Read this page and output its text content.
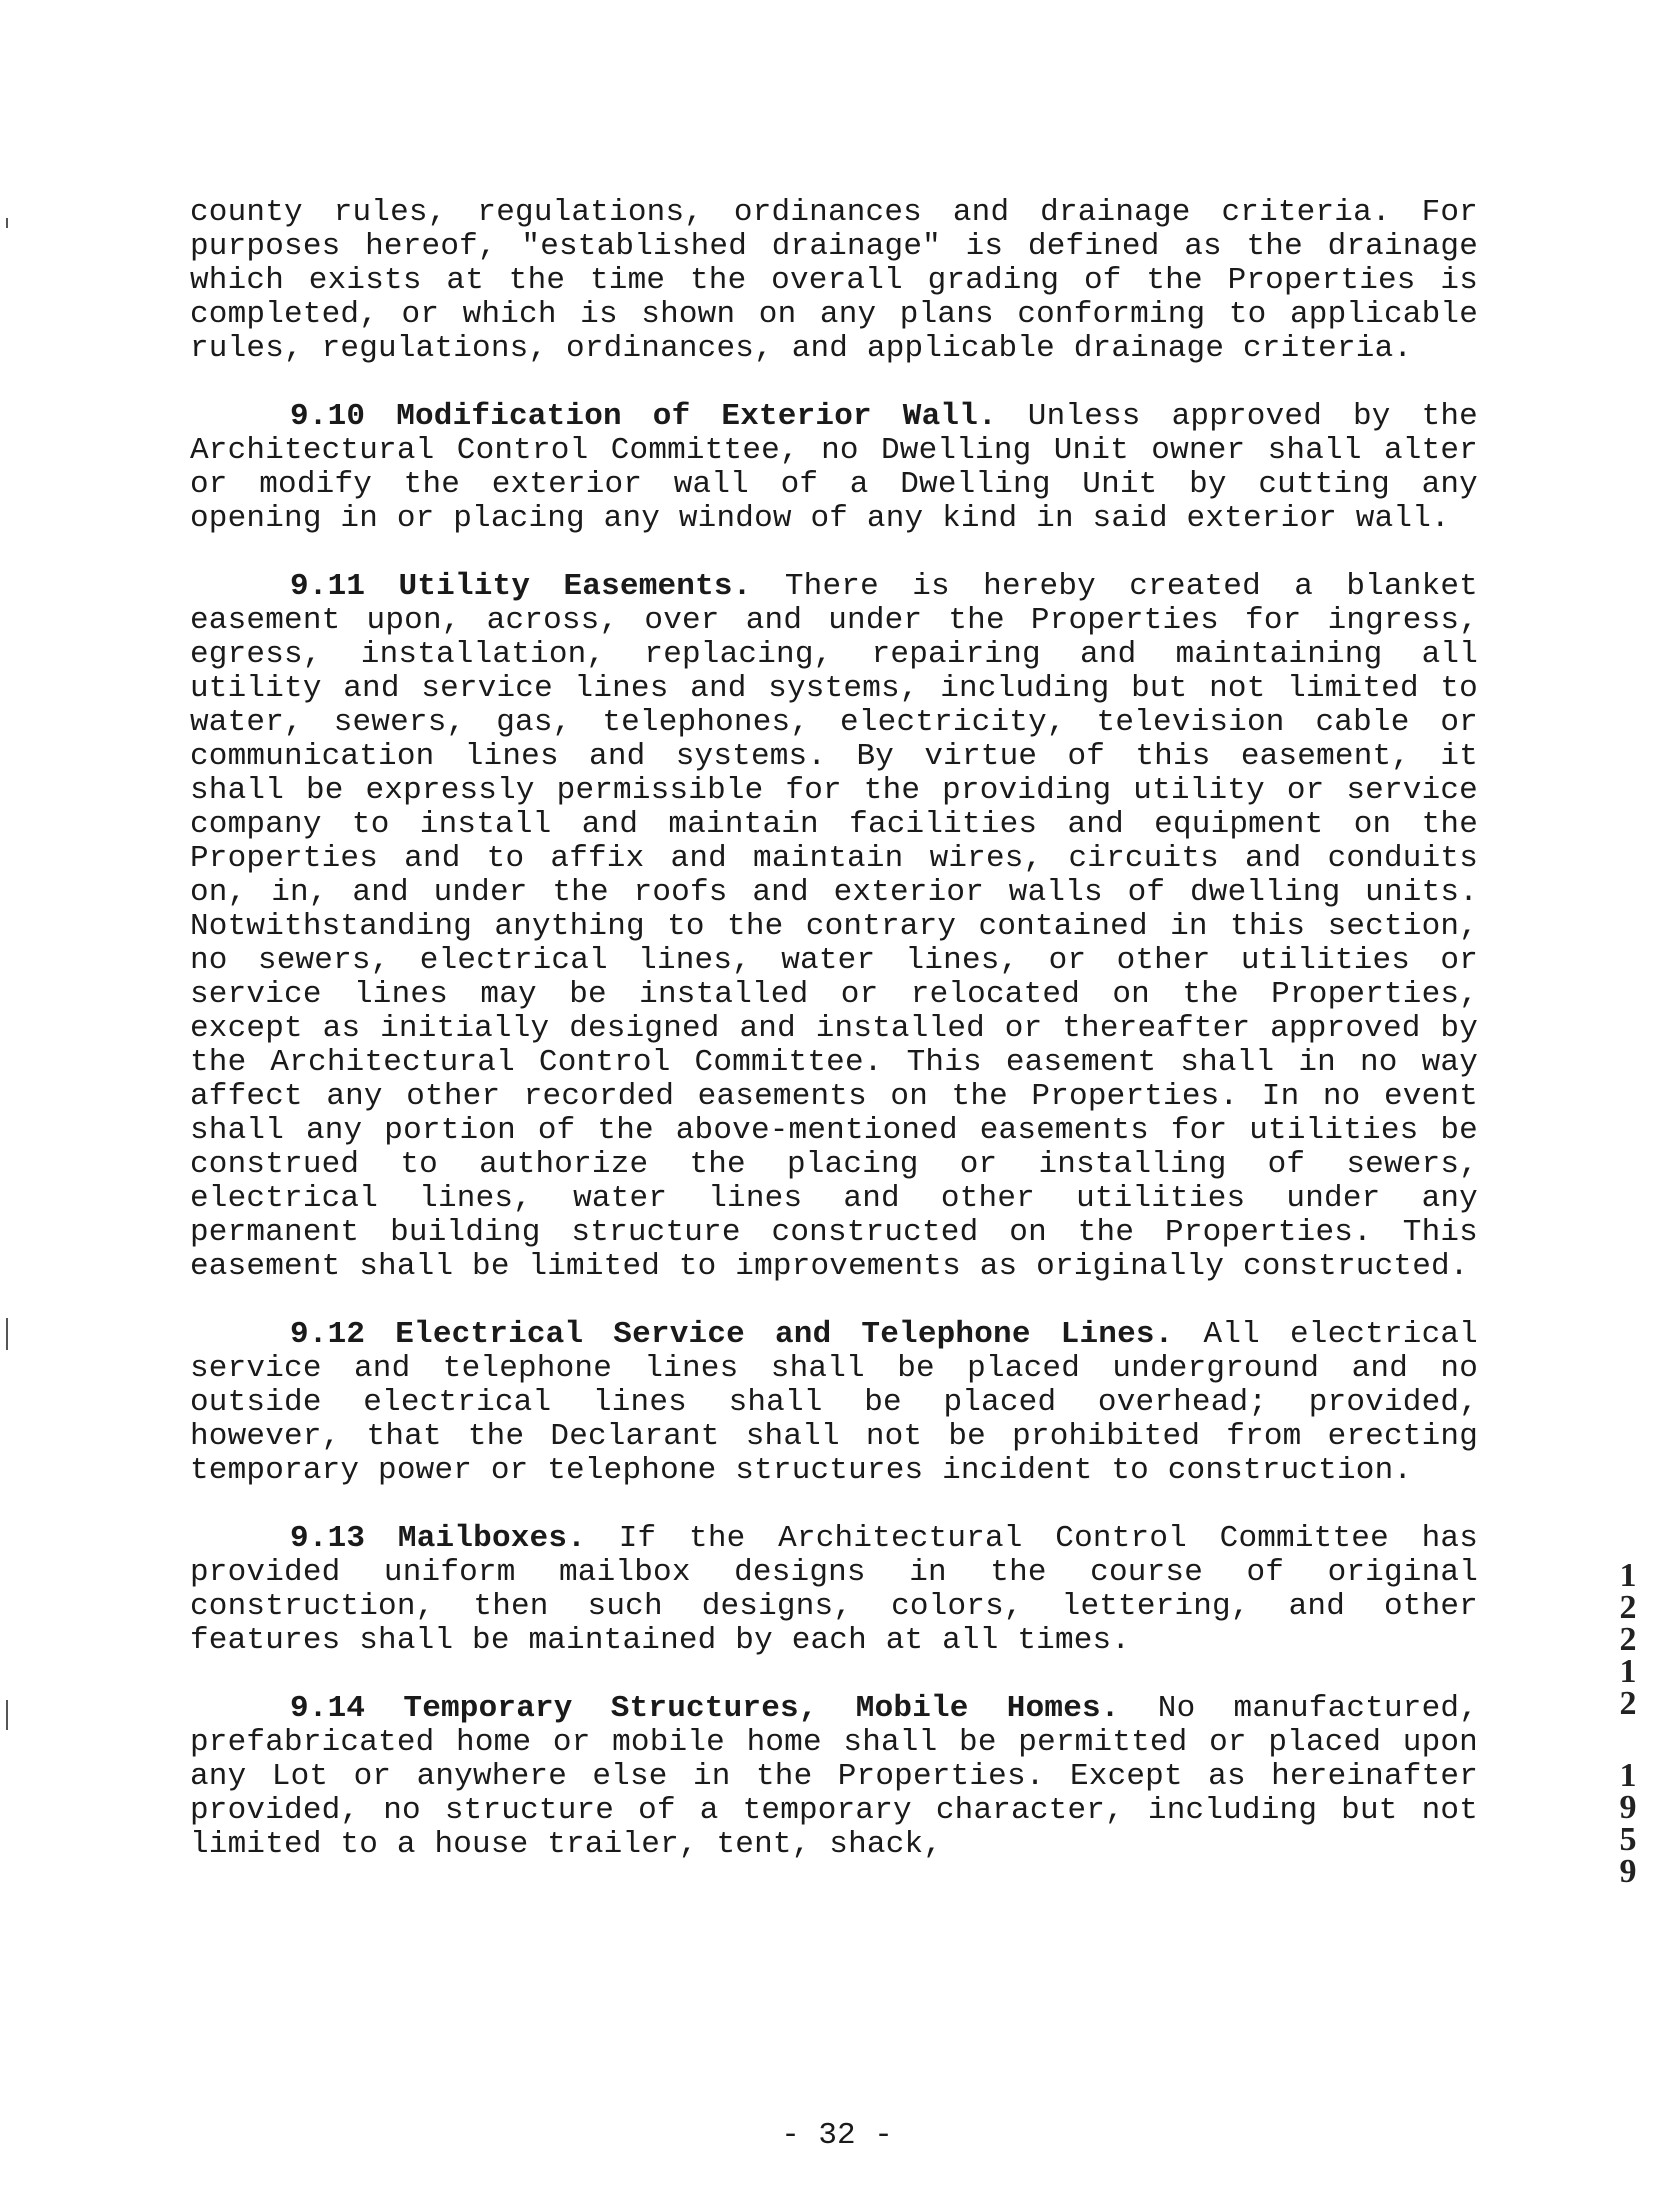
county rules, regulations, ordinances and drainage criteria. For purposes hereof, "established drainage" is defined as the drainage which exists at the time the overall grading of the Properties is completed, or which is shown on any plans conforming to applicable rules, regulations, ordinances, and applicable drainage criteria.

9.10 Modification of Exterior Wall. Unless approved by the Architectural Control Committee, no Dwelling Unit owner shall alter or modify the exterior wall of a Dwelling Unit by cutting any opening in or placing any window of any kind in said exterior wall.

9.11 Utility Easements. There is hereby created a blanket easement upon, across, over and under the Properties for ingress, egress, installation, replacing, repairing and maintaining all utility and service lines and systems, including but not limited to water, sewers, gas, telephones, electricity, television cable or communication lines and systems. By virtue of this easement, it shall be expressly permissible for the providing utility or service company to install and maintain facilities and equipment on the Properties and to affix and maintain wires, circuits and conduits on, in, and under the roofs and exterior walls of dwelling units. Notwithstanding anything to the contrary contained in this section, no sewers, electrical lines, water lines, or other utilities or service lines may be installed or relocated on the Properties, except as initially designed and installed or thereafter approved by the Architectural Control Committee. This easement shall in no way affect any other recorded easements on the Properties. In no event shall any portion of the above-mentioned easements for utilities be construed to authorize the placing or installing of sewers, electrical lines, water lines and other utilities under any permanent building structure constructed on the Properties. This easement shall be limited to improvements as originally constructed.

9.12 Electrical Service and Telephone Lines. All electrical service and telephone lines shall be placed underground and no outside electrical lines shall be placed overhead; provided, however, that the Declarant shall not be prohibited from erecting temporary power or telephone structures incident to construction.

9.13 Mailboxes. If the Architectural Control Committee has provided uniform mailbox designs in the course of original construction, then such designs, colors, lettering, and other features shall be maintained by each at all times.

9.14 Temporary Structures, Mobile Homes. No manufactured, prefabricated home or mobile home shall be permitted or placed upon any Lot or anywhere else in the Properties. Except as hereinafter provided, no structure of a temporary character, including but not limited to a house trailer, tent, shack,

1
2
2
1
2
1
9
5
9
- 32 -
